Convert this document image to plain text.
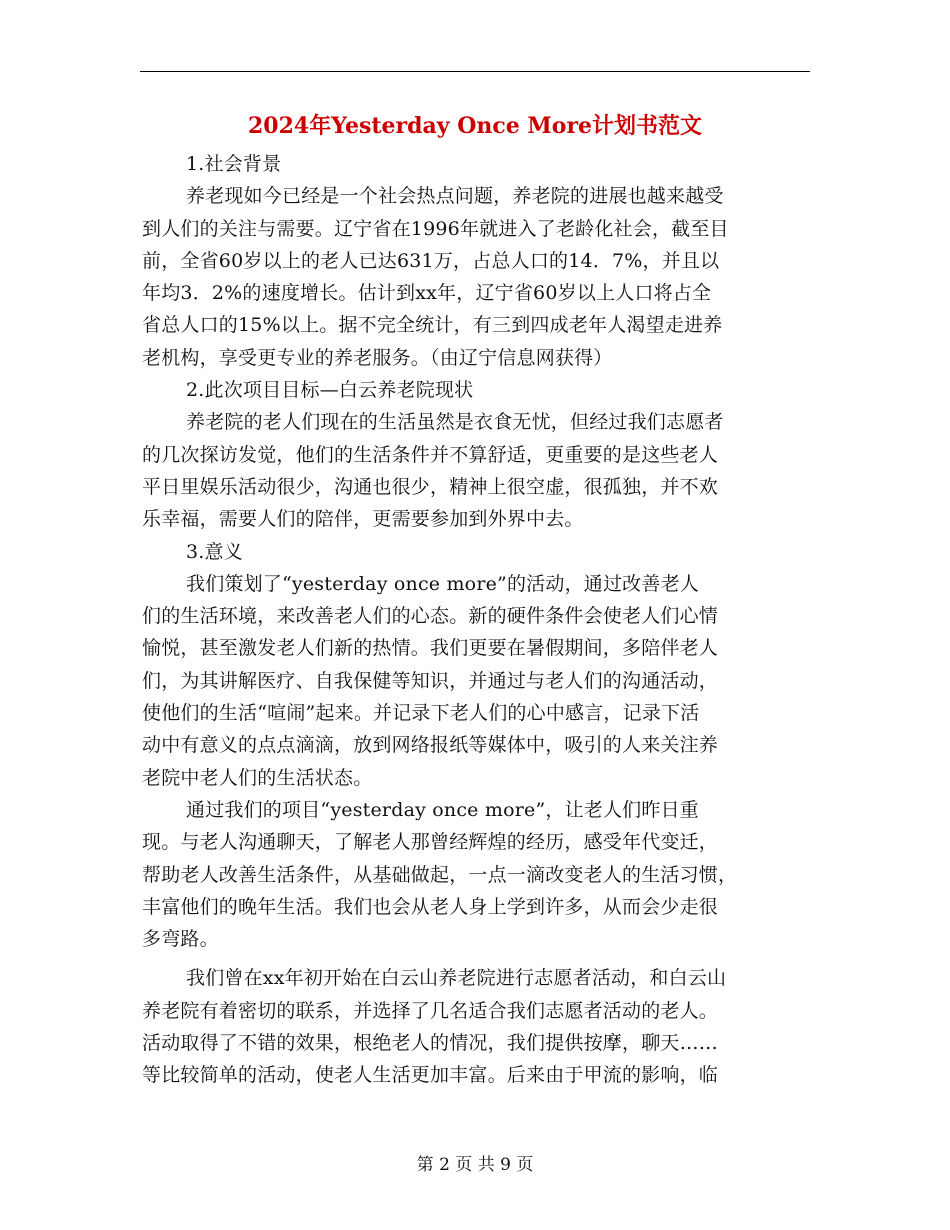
2024年Yesterday Once More计划书范文
1.社会背景
养老现如今已经是一个社会热点问题，养老院的进展也越来越受
到人们的关注与需要。辽宁省在1996年就进入了老龄化社会，截至目
前，全省60岁以上的老人已达631万，占总人口的14．7%，并且以
年均3．2%的速度增长。估计到xx年，辽宁省60岁以上人口将占全
省总人口的15%以上。据不完全统计，有三到四成老年人渴望走进养
老机构，享受更专业的养老服务。（由辽宁信息网获得）
2.此次项目目标—白云养老院现状
养老院的老人们现在的生活虽然是衣食无忧，但经过我们志愿者
的几次探访发觉，他们的生活条件并不算舒适，更重要的是这些老人
平日里娱乐活动很少，沟通也很少，精神上很空虚，很孤独，并不欢
乐幸福，需要人们的陪伴，更需要参加到外界中去。
3.意义
我们策划了“yesterday once more”的活动，通过改善老人
们的生活环境，来改善老人们的心态。新的硬件条件会使老人们心情
愉悦，甚至激发老人们新的热情。我们更要在暑假期间，多陪伴老人
们，为其讲解医疗、自我保健等知识，并通过与老人们的沟通活动，
使他们的生活“喧闹”起来。并记录下老人们的心中感言，记录下活
动中有意义的点点滴滴，放到网络报纸等媒体中，吸引的人来关注养
老院中老人们的生活状态。
通过我们的项目“yesterday once more”，让老人们昨日重
现。与老人沟通聊天，了解老人那曾经辉煌的经历，感受年代变迁，
帮助老人改善生活条件，从基础做起，一点一滴改变老人的生活习惯，
丰富他们的晚年生活。我们也会从老人身上学到许多，从而会少走很
多弯路。
我们曾在xx年初开始在白云山养老院进行志愿者活动，和白云山
养老院有着密切的联系，并选择了几名适合我们志愿者活动的老人。
活动取得了不错的效果，根绝老人的情况，我们提供按摩，聊天……
等比较简单的活动，使老人生活更加丰富。后来由于甲流的影响，临
第 2 页 共 9 页
